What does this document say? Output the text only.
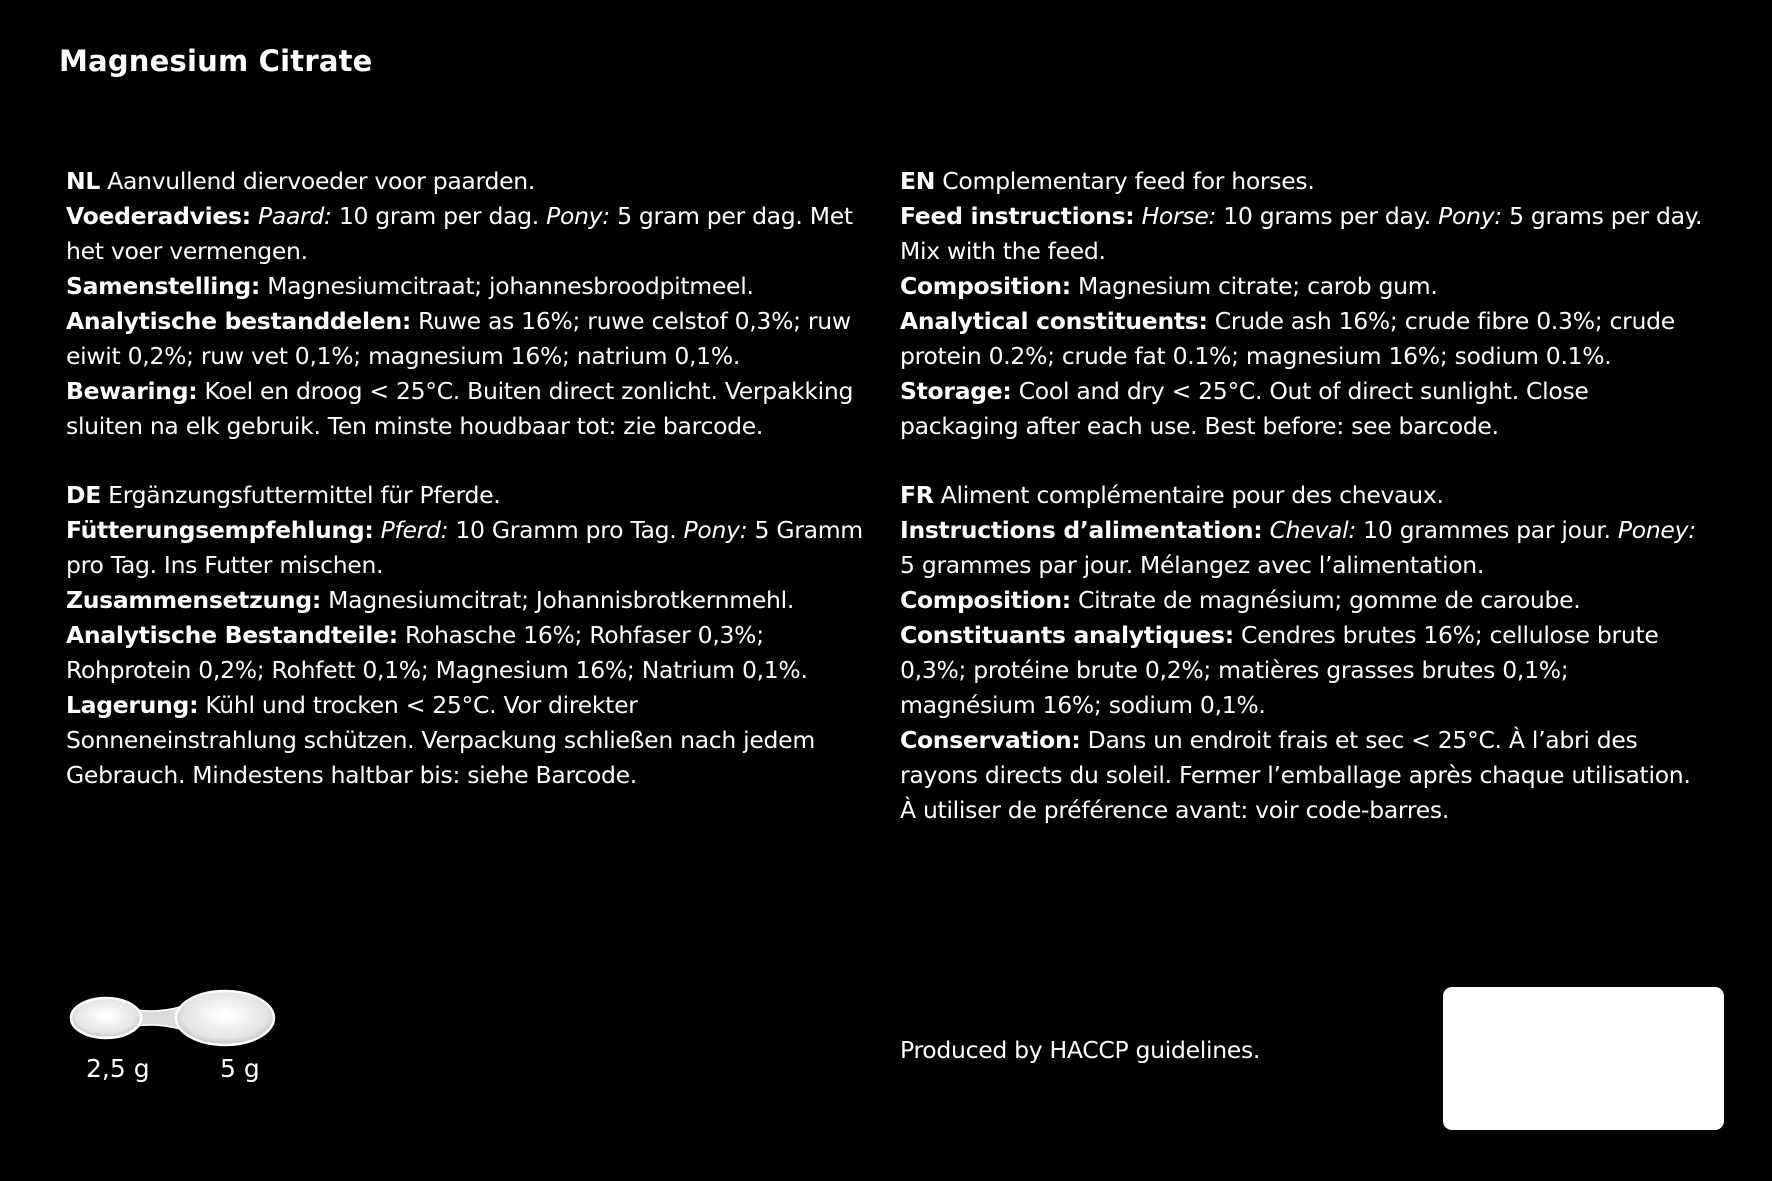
Magnesium Citrate

NL Aanvullend diervoeder voor paarden.

Voederadvies: Paard: 10 gram per dag. Pony: 5 gram per dag. Met het voer vermengen.

Samenstelling: Magnesiumcitraat; johannesbroodpitmeel.

Analytische bestanddelen: Ruwe as 16%; ruwe celstof 0,3%; ruw eiwit 0,2%; ruw vet 0,1%; magnesium 16%; natrium 0,1%.

Bewaring: Koel en droog < 25°C. Buiten direct zonlicht. Verpakking sluiten na elk gebruik. Ten minste houdbaar tot: zie barcode.

DE Ergänzungsfuttermittel für Pferde.

Fütterungsempfehlung: Pferd: 10 Gramm pro Tag. Pony: 5 Gramm pro Tag. Ins Futter mischen.

Zusammensetzung: Magnesiumcitrat; Johannisbrotkernmehl.

Analytische Bestandteile: Rohasche 16%; Rohfaser 0,3%; Rohprotein 0,2%; Rohfett 0,1%; Magnesium 16%; Natrium 0,1%.

Lagerung: Kühl und trocken < 25°C. Vor direkter Sonneneinstrahlung schützen. Verpackung schließen nach jedem Gebrauch. Mindestens haltbar bis: siehe Barcode.

EN Complementary feed for horses.

Feed instructions: Horse: 10 grams per day. Pony: 5 grams per day. Mix with the feed.

Composition: Magnesium citrate; carob gum.

Analytical constituents: Crude ash 16%; crude fibre 0.3%; crude protein 0.2%; crude fat 0.1%; magnesium 16%; sodium 0.1%.

Storage: Cool and dry < 25°C. Out of direct sunlight. Close packaging after each use. Best before: see barcode.

FR Aliment complémentaire pour des chevaux.

Instructions d’alimentation: Cheval: 10 grammes par jour. Poney: 5 grammes par jour. Mélangez avec l’alimentation.

Composition: Citrate de magnésium; gomme de caroube.

Constituants analytiques: Cendres brutes 16%; cellulose brute 0,3%; protéine brute 0,2%; matières grasses brutes 0,1%; magnésium 16%; sodium 0,1%.

Conservation: Dans un endroit frais et sec < 25°C. À l’abri des rayons directs du soleil. Fermer l’emballage après chaque utilisation. À utiliser de préférence avant: voir code-barres.

2,5 g	5 g
Produced by HACCP guidelines.
